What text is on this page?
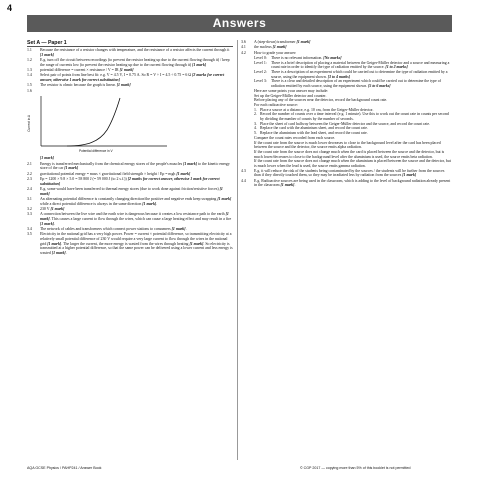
4
Answers
Set A — Paper 1
1.1	Because the resistance of a resistor changes with temperature, and the resistance of a resistor affects the current through it [1 mark]
1.2	E.g. turn off the circuit between recordings (to prevent the resistor heating up due to the current flowing through it) / keep the range of currents low (to prevent the resistor heating up due to the current flowing through it) [1 mark]
1.3	potential difference = current × resistance / V = IR [1 mark]
1.4	Select pair of points from line best fit: e.g. V = 4.5 V, I = 0.75 A. So R = V ÷ I = 4.5 ÷ 0.75 = 6 Ω [2 marks for correct answer, otherwise 1 mark for correct substitution]
1.5	The resistor is ohmic because the graph is linear. [1 mark]
1.6
Current in A
Potential difference in V
[1 mark]
2.1	Energy is transferred mechanically from the chemical energy stores of the people's muscles [1 mark] to the kinetic energy store of the car [1 mark]
2.2	gravitational potential energy = mass × gravitational field strength × height / Ep = mgh [1 mark]
2.3	Ep = 1200 × 9.8 × 5.0 = 58 800 J (= 59 000 J (to 2 s.f.)) [2 marks for correct answer, otherwise 1 mark for correct substitution]
2.4	E.g. some would have been transferred to thermal energy stores (due to work done against friction/resistive forces) [1 mark]
3.1	An alternating potential difference is constantly changing direction/the positive and negative ends keep swapping [1 mark] while a direct potential difference is always in the same direction [1 mark].
3.2	230 V [1 mark]
3.3	A connection between the live wire and the earth wire is dangerous because it creates a low resistance path to the earth [1 mark]. This causes a large current to flow through the wires, which can cause a large heating effect and may result in a fire [1 mark].
3.4	The network of cables and transformers which connect power stations to consumers [1 mark].
3.5	Electricity in the national grid has a very high power. Power = current × potential difference, so transmitting electricity at a relatively small potential difference of 230 V would require a very large current to flow through the wires in the national grid [1 mark]. The larger the current, the more energy is wasted from the wires through heating [1 mark]. So electricity is transmitted at a higher potential difference, so that the same power can be delivered using a lower current and less energy is wasted [1 mark].
3.6	A (step-down) transformer [1 mark]
4.1	the nucleus [1 mark]
4.2	How to grade your answer:
Level 0:	There is no relevant information. [No marks]
Level 1:	There is a brief description of placing a material between the Geiger-Müller detector and a source and measuring a count rate in order to identify the type of radiation emitted by the source. [1 to 2 marks]
Level 2:	There is a description of an experiment which could be carried out to determine the type of radiation emitted by a source, using the equipment shown. [3 to 4 marks]
Level 3:	There is a clear and detailed description of an experiment which could be carried out to determine the type of radiation emitted by each source, using the equipment shown. [5 to 6 marks]
Here are some points your answer may include:
Set up the Geiger-Müller detector and counter.
Before placing any of the sources near the detector, record the background count rate.
For each radioactive source:
1. Place a source at a distance, e.g. 10 cm, from the Geiger-Müller detector.
2. Record the number of counts over a time interval (e.g. 1 minute). Use this to work out the count rate in counts per second by dividing the number of counts by the number of seconds.
3. Place the sheet of card halfway between the Geiger-Müller detector and the source, and record the count rate.
4. Replace the card with the aluminium sheet, and record the count rate.
5. Replace the aluminium with the lead sheet, and record the count rate.
Compare the count rates recorded from each source.
If the count rate from the source is much lower decreases to close to the background level after the card has been placed between the source and the detector, the source emits alpha radiation.
If the count rate from the source does not change much when the card is placed between the source and the detector, but is much lower/decreases to close to the background level after the aluminium is used, the source emits beta radiation.
If the count rate from the source does not change much when the aluminium is placed between the source and the detector, but is much lower when the lead is used, the source emits gamma radiation.
4.3	E.g. it will reduce the risk of the students being contaminated by the sources / the students will be further from the sources than if they directly touched them, so they may be irradiated less by radiation from the sources [1 mark]
4.4	E.g. Radioactive sources are being used in the classroom, which is adding to the level of background radiation already present in the classroom [1 mark].
AQA GCSE Physics / PAHP241 / Answer Book	© CGP 2017 — copying more than 5% of this booklet is not permitted
